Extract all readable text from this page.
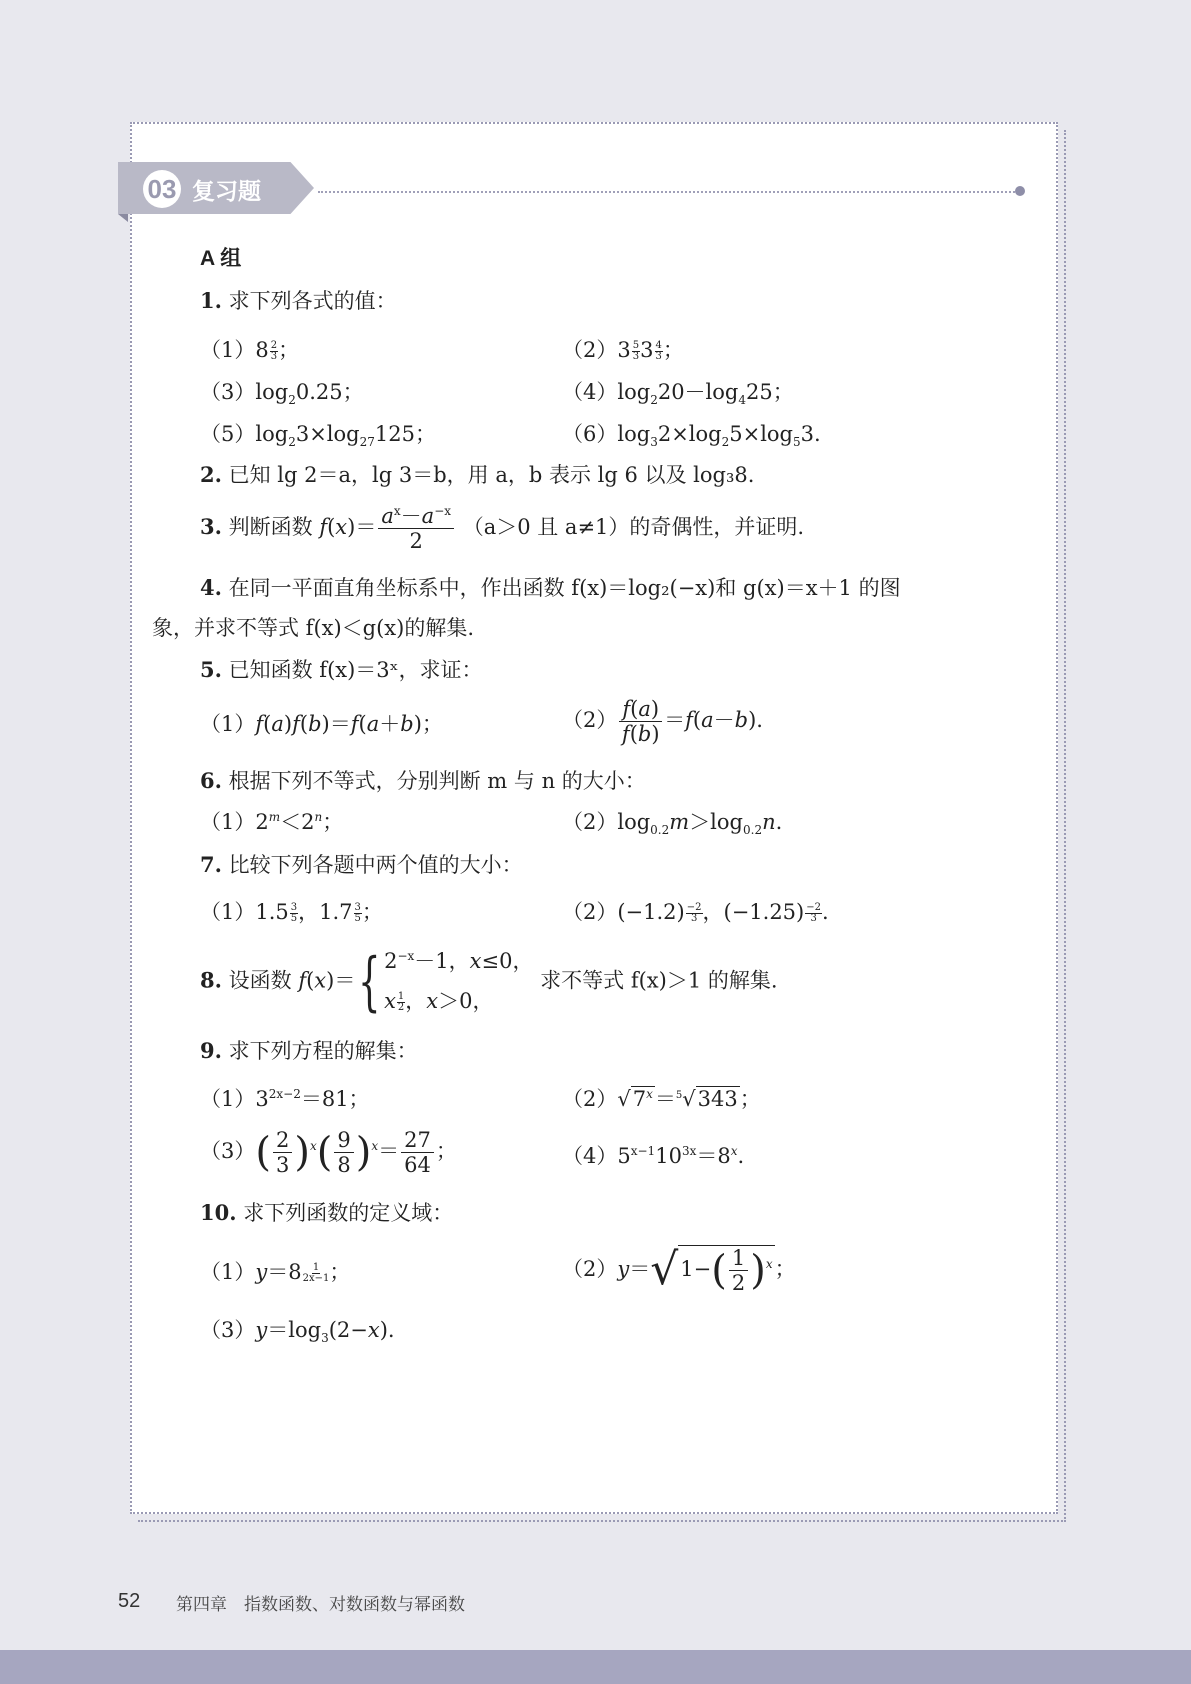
03 复习题
A 组
1. 求下列各式的值：
$(1)8 \frac{2}{3}$ ；	$(2)3 \frac{5}{3} 3 \frac{4}{3}$ ；
$(3)\log_20.25$；	$(4)\log_220-\log_425$；
$(5)\log_23\times\log_{27}125$；	$(6)\log_32\times\log_25\times\log_53$.
2. 已知 lg 2＝a，lg 3＝b，用 a，b 表示 lg 6 以及 log₃8.
3. 判断函数 $f(x)= \frac{a^x-a^{-x}}{2} (a>0$ 且 a≠1）的奇偶性，并证明.
4. 在同一平面直角坐标系中，作出函数 f(x)＝log₂(−x)和 g(x)＝x＋1 的图
象，并求不等式 f(x)＜g(x)的解集.
5. 已知函数 f(x)＝3ˣ，求证：
（1）f(a)f(b)＝f(a＋b)；	$(2) \frac{f(a)}{f(b)} =f(a-b)$.
6. 根据下列不等式，分别判断 m 与 n 的大小：
$(1)2^m<2^n$；	$(2)\log_{0.2}m>\log_{0.2}n$.
7. 比较下列各题中两个值的大小：
$(1)1.5 \frac{3}{5}$ ，$1.7 \frac{3}{5}$ ；	$(2)(-1.2) \frac{-2}{3}$ ，$(-1.25) \frac{-2}{3}$ .
8. 设函数 f(x)＝{ $2^{-x}-1$，x≤0，
x $\frac{1}{2}$ ，x＞0，
求不等式 f(x)＞1 的解集.
9. 求下列方程的解集：
$(1)3^{2x-2}=81$；	$(2)√7^x=^5√343$；
$(3)( \frac{2}{3} )^x( \frac{9}{8} )^x= \frac{27}{64}$ ；	$(4)5^{x-1}10^{3x}=8^x$.
10. 求下列函数的定义域：
$(1)y=8 \frac{1}{2x-1}$ ；	$(2)y=√1-( \frac{1}{2} )^x$；
$(3)y=\log_3(2-x)$.
52 第四章　指数函数、对数函数与幂函数
